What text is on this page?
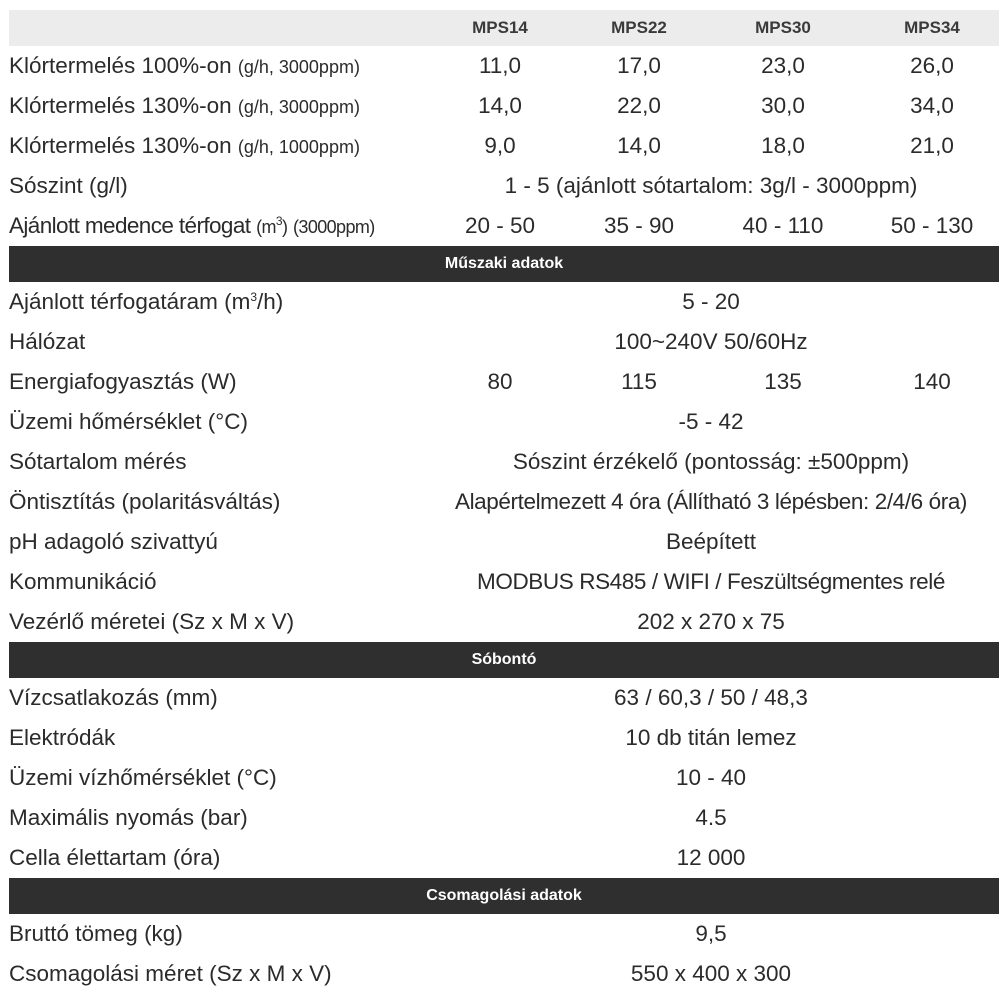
	MPS14	MPS22	MPS30	MPS34
Klórtermelés 100%-on (g/h, 3000ppm)	11,0	17,0	23,0	26,0
Klórtermelés 130%-on (g/h, 3000ppm)	14,0	22,0	30,0	34,0
Klórtermelés 130%-on (g/h, 1000ppm)	9,0	14,0	18,0	21,0
Sószint (g/l)	1 - 5 (ajánlott sótartalom: 3g/l - 3000ppm)			
Ajánlott medence térfogat $(m^3)$ (3000ppm)	20 - 50	35 - 90	40 - 110	50 - 130
Műszaki adatok				
Ajánlott térfogatáram $(m^3/h)$	5 - 20			
Hálózat	100~240V 50/60Hz			
Energiafogyasztás (W)	80	115	135	140
Üzemi hőmérséklet (°C)	-5 - 42			
Sótartalom mérés	Sószint érzékelő (pontosság: ±500ppm)			
Öntisztítás (polaritásváltás)	Alapértelmezett 4 óra (Állítható 3 lépésben: 2/4/6 óra)			
pH adagoló szivattyú	Beépített			
Kommunikáció	MODBUS RS485 / WIFI / Feszültségmentes relé			
Vezérlő méretei (Sz x M x V)	202 x 270 x 75			
Sóbontó				
Vízcsatlakozás (mm)	63 / 60,3 / 50 / 48,3			
Elektródák	10 db titán lemez			
Üzemi vízhőmérséklet (°C)	10 - 40			
Maximális nyomás (bar)	4.5			
Cella élettartam (óra)	12 000			
Csomagolási adatok				
Bruttó tömeg (kg)	9,5			
Csomagolási méret (Sz x M x V)	550 x 400 x 300			
